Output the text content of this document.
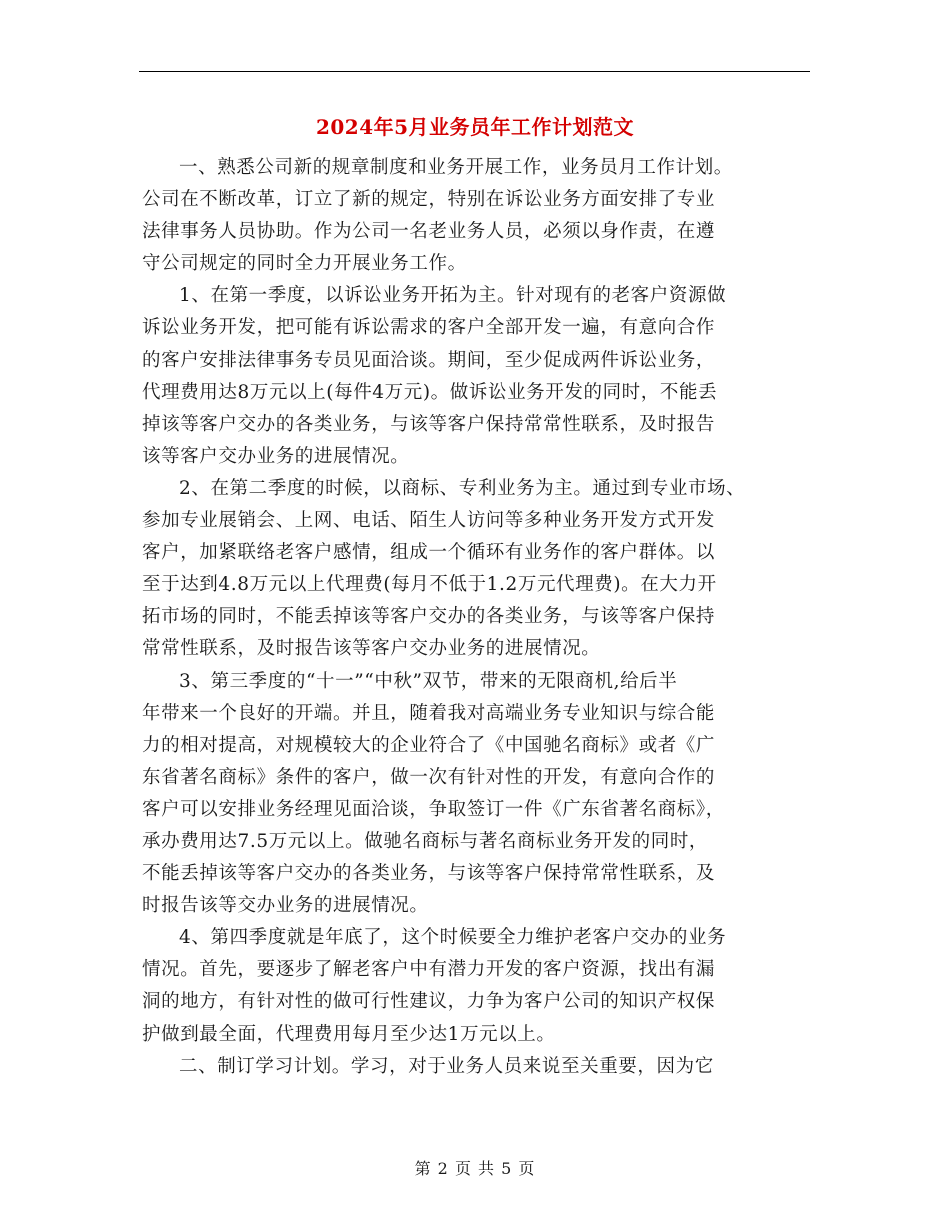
2024年5月业务员年工作计划范文

一、熟悉公司新的规章制度和业务开展工作，业务员月工作计划。
公司在不断改革，订立了新的规定，特别在诉讼业务方面安排了专业
法律事务人员协助。作为公司一名老业务人员，必须以身作责，在遵
守公司规定的同时全力开展业务工作。

1、在第一季度，以诉讼业务开拓为主。针对现有的老客户资源做
诉讼业务开发，把可能有诉讼需求的客户全部开发一遍，有意向合作
的客户安排法律事务专员见面洽谈。期间，至少促成两件诉讼业务，
代理费用达8万元以上(每件4万元)。做诉讼业务开发的同时，不能丢
掉该等客户交办的各类业务，与该等客户保持常常性联系，及时报告
该等客户交办业务的进展情况。

2、在第二季度的时候，以商标、专利业务为主。通过到专业市场、
参加专业展销会、上网、电话、陌生人访问等多种业务开发方式开发
客户，加紧联络老客户感情，组成一个循环有业务作的客户群体。以
至于达到4.8万元以上代理费(每月不低于1.2万元代理费)。在大力开
拓市场的同时，不能丢掉该等客户交办的各类业务，与该等客户保持
常常性联系，及时报告该等客户交办业务的进展情况。

3、第三季度的“十一”“中秋”双节，带来的无限商机,给后半
年带来一个良好的开端。并且，随着我对高端业务专业知识与综合能
力的相对提高，对规模较大的企业符合了《中国驰名商标》或者《广
东省著名商标》条件的客户，做一次有针对性的开发，有意向合作的
客户可以安排业务经理见面洽谈，争取签订一件《广东省著名商标》，
承办费用达7.5万元以上。做驰名商标与著名商标业务开发的同时，
不能丢掉该等客户交办的各类业务，与该等客户保持常常性联系，及
时报告该等交办业务的进展情况。

4、第四季度就是年底了，这个时候要全力维护老客户交办的业务
情况。首先，要逐步了解老客户中有潜力开发的客户资源，找出有漏
洞的地方，有针对性的做可行性建议，力争为客户公司的知识产权保
护做到最全面，代理费用每月至少达1万元以上。

二、制订学习计划。学习，对于业务人员来说至关重要，因为它

第 2 页 共 5 页
